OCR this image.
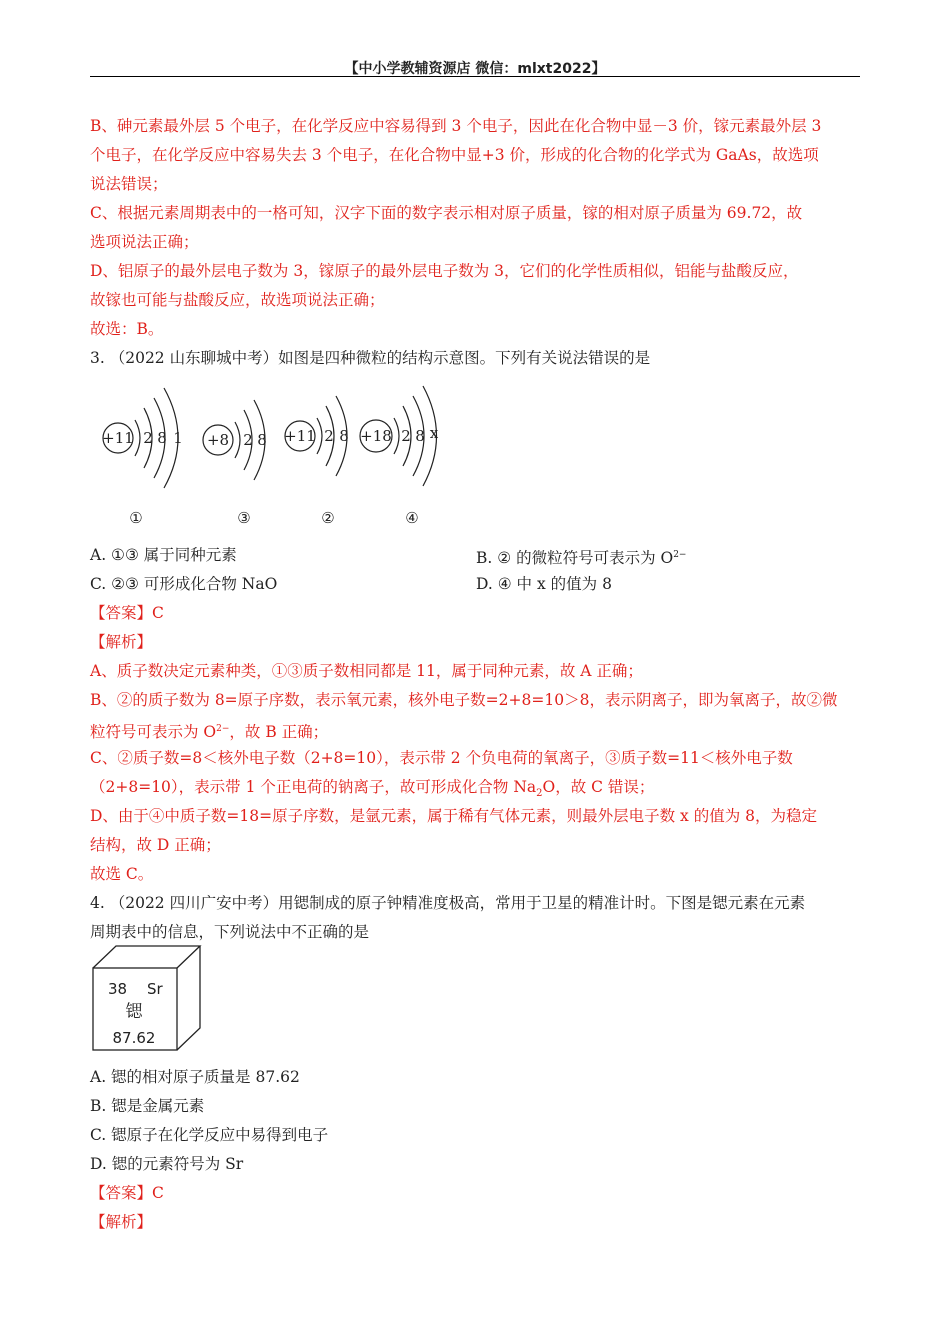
【中小学教辅资源店 微信：mlxt2022】
B、砷元素最外层 5 个电子，在化学反应中容易得到 3 个电子，因此在化合物中显－3 价，镓元素最外层 3
个电子，在化学反应中容易失去 3 个电子，在化合物中显+3 价，形成的化合物的化学式为 GaAs，故选项
说法错误；
C、根据元素周期表中的一格可知，汉字下面的数字表示相对原子质量，镓的相对原子质量为 69.72，故
选项说法正确；
D、铝原子的最外层电子数为 3，镓原子的最外层电子数为 3，它们的化学性质相似，铝能与盐酸反应，
故镓也可能与盐酸反应，故选项说法正确；
故选：B。
3. （2022 山东聊城中考）如图是四种微粒的结构示意图。下列有关说法错误的是
A. ①③ 属于同种元素	B. ② 的微粒符号可表示为 $O^{2-}$
C. ②③ 可形成化合物 NaO	D. ④ 中 x 的值为 8
【答案】C
【解析】
A、质子数决定元素种类，①③质子数相同都是 11，属于同种元素，故 A 正确；
B、②的质子数为 8=原子序数，表示氧元素，核外电子数=2+8=10＞8，表示阴离子，即为氧离子，故②微
粒符号可表示为 $O^{2-}$，故 B 正确；
C、②质子数=8＜核外电子数（2+8=10），表示带 2 个负电荷的氧离子，③质子数=11＜核外电子数
（2+8=10），表示带 1 个正电荷的钠离子，故可形成化合物 $Na_2O$，故 C 错误；
D、由于④中质子数=18=原子序数，是氩元素，属于稀有气体元素，则最外层电子数 x 的值为 8，为稳定
结构，故 D 正确；
故选 C。
4. （2022 四川广安中考）用锶制成的原子钟精准度极高，常用于卫星的精准计时。下图是锶元素在元素
周期表中的信息，下列说法中不正确的是
A. 锶的相对原子质量是 87.62
B. 锶是金属元素
C. 锶原子在化学反应中易得到电子
D. 锶的元素符号为 Sr
【答案】C
【解析】
+11 2 8 1
①
+8 2 8
③
+11 2 8
②
+18 2 8 x
④
38 Sr
锶
87.62
